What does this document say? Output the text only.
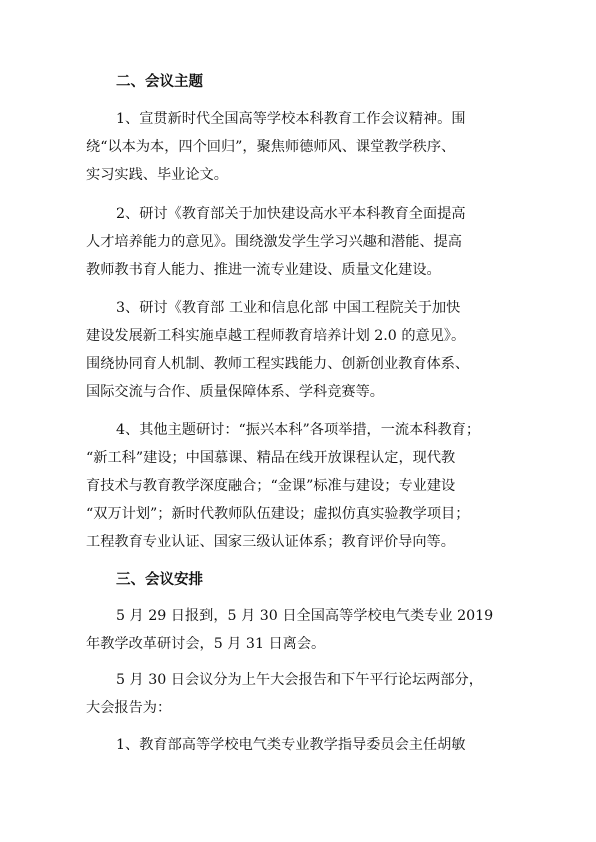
二、会议主题

1、宣贯新时代全国高等学校本科教育工作会议精神。围
绕“以本为本，四个回归”，聚焦师德师风、课堂教学秩序、
实习实践、毕业论文。

2、研讨《教育部关于加快建设高水平本科教育全面提高
人才培养能力的意见》。围绕激发学生学习兴趣和潜能、提高
教师教书育人能力、推进一流专业建设、质量文化建设。

3、研讨《教育部 工业和信息化部 中国工程院关于加快
建设发展新工科实施卓越工程师教育培养计划 2.0 的意见》。
围绕协同育人机制、教师工程实践能力、创新创业教育体系、
国际交流与合作、质量保障体系、学科竞赛等。

4、其他主题研讨：“振兴本科”各项举措，一流本科教育；
“新工科”建设；中国慕课、精品在线开放课程认定，现代教
育技术与教育教学深度融合；“金课”标准与建设；专业建设
“双万计划”；新时代教师队伍建设；虚拟仿真实验教学项目；
工程教育专业认证、国家三级认证体系；教育评价导向等。

三、会议安排

5 月 29 日报到，5 月 30 日全国高等学校电气类专业 2019
年教学改革研讨会，5 月 31 日离会。

5 月 30 日会议分为上午大会报告和下午平行论坛两部分，
大会报告为：

1、教育部高等学校电气类专业教学指导委员会主任胡敏
